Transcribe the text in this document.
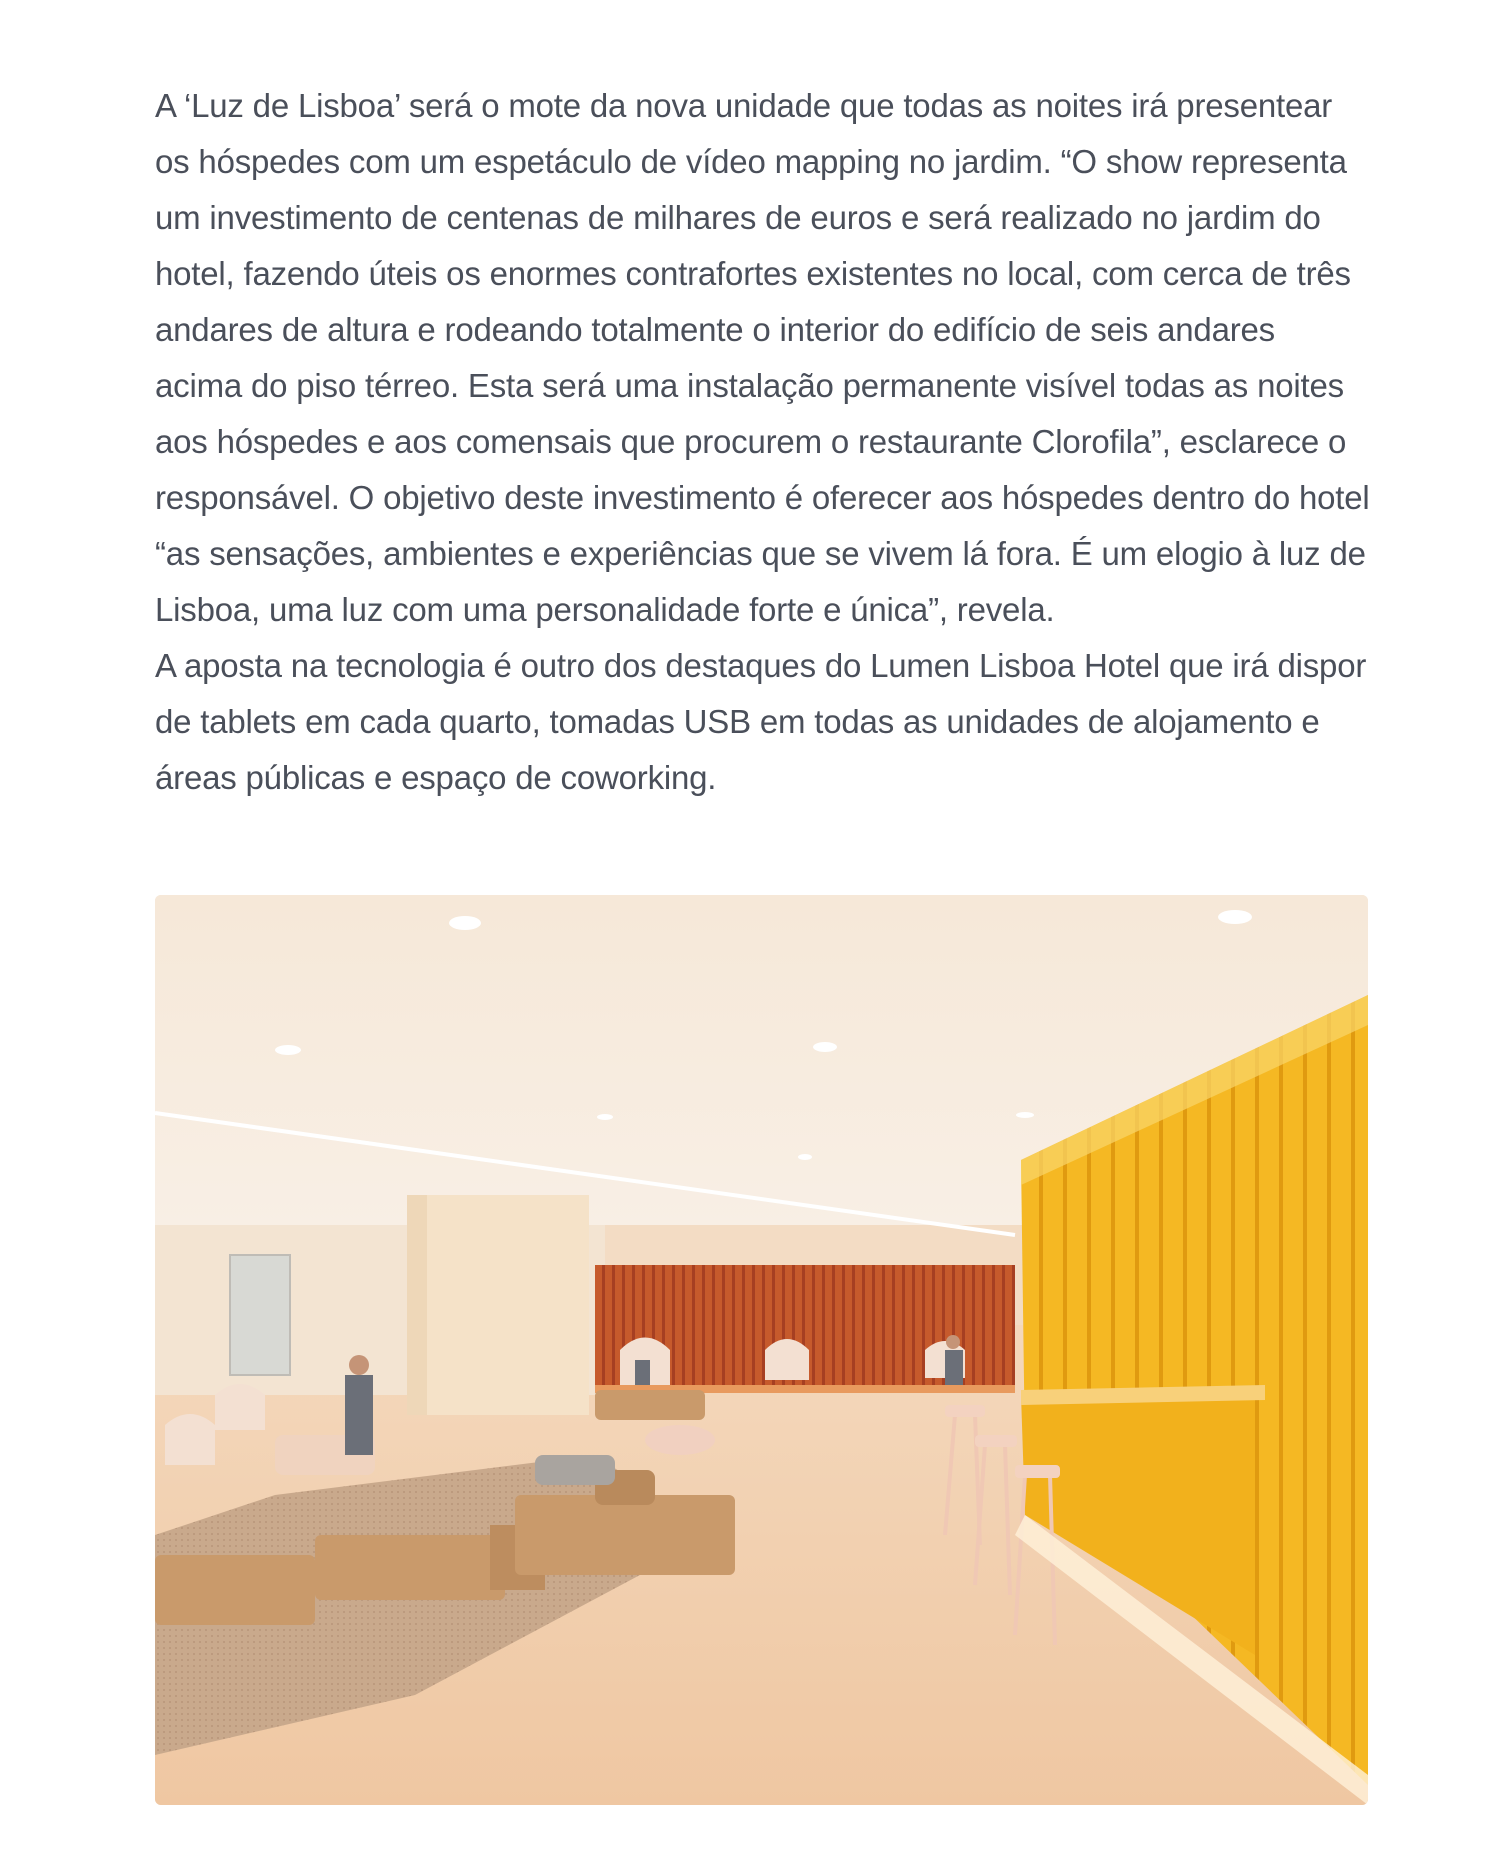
A ‘Luz de Lisboa’ será o mote da nova unidade que todas as noites irá presentear os hóspedes com um espetáculo de vídeo mapping no jardim. “O show representa um investimento de centenas de milhares de euros e será realizado no jardim do hotel, fazendo úteis os enormes contrafortes existentes no local, com cerca de três andares de altura e rodeando totalmente o interior do edifício de seis andares acima do piso térreo. Esta será uma instalação permanente visível todas as noites aos hóspedes e aos comensais que procurem o restaurante Clorofila”, esclarece o responsável. O objetivo deste investimento é oferecer aos hóspedes dentro do hotel “as sensações, ambientes e experiências que se vivem lá fora. É um elogio à luz de Lisboa, uma luz com uma personalidade forte e única”, revela.

A aposta na tecnologia é outro dos destaques do Lumen Lisboa Hotel que irá dispor de tablets em cada quarto, tomadas USB em todas as unidades de alojamento e áreas públicas e espaço de coworking.
